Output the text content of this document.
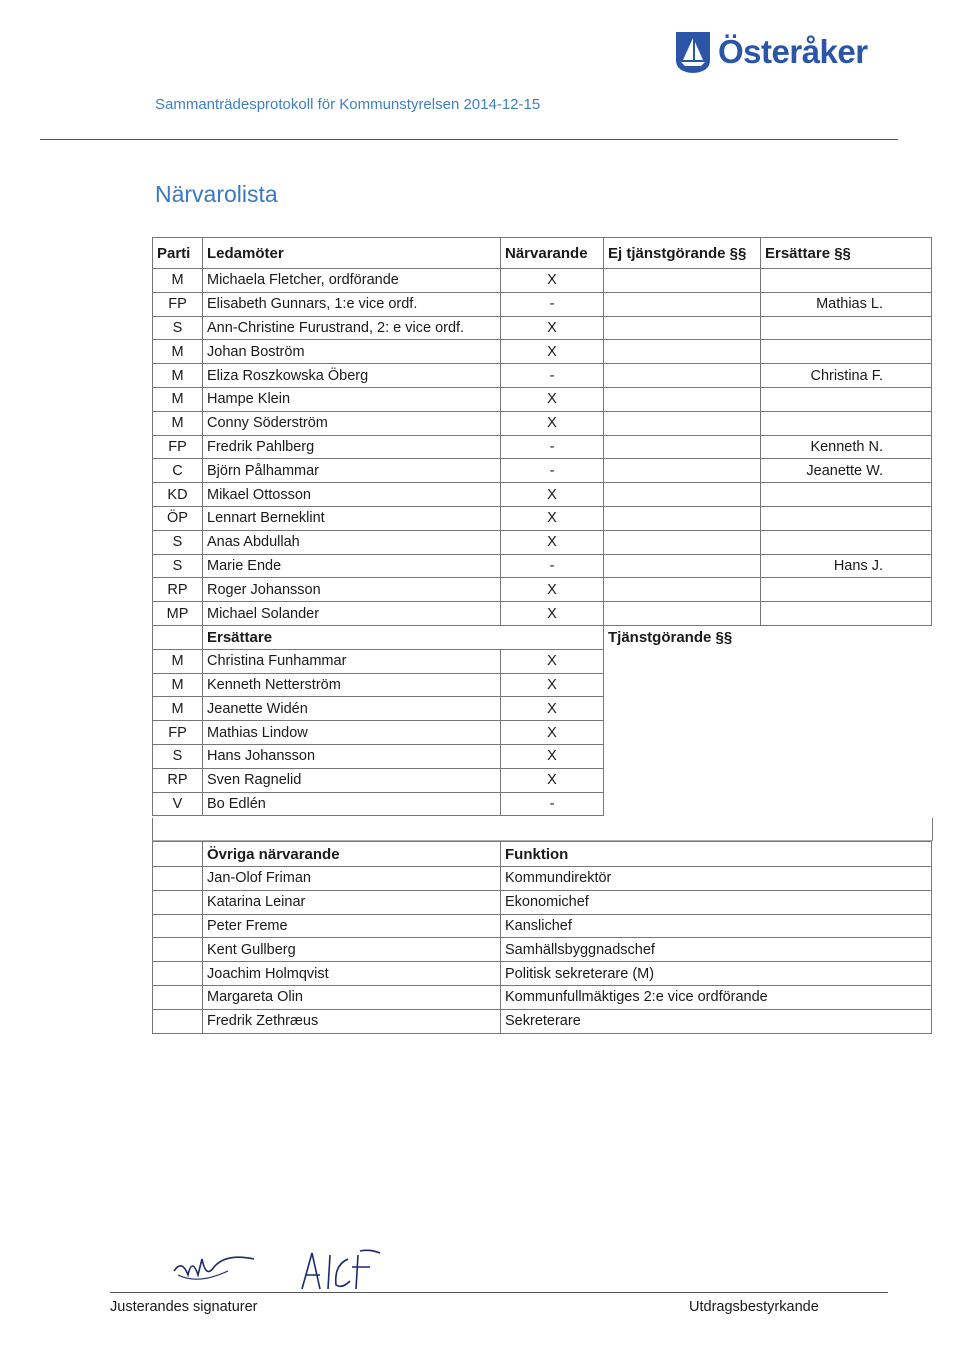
Österåker
Sammanträdesprotokoll för Kommunstyrelsen 2014-12-15
Närvarolista
Parti	Ledamöter	Närvarande	Ej tjänstgörande §§	Ersättare §§
M	Michaela Fletcher, ordförande	X		
FP	Elisabeth Gunnars, 1:e vice ordf.	-		Mathias L.
S	Ann-Christine Furustrand, 2: e vice ordf.	X		
M	Johan Boström	X		
M	Eliza Roszkowska Öberg	-		Christina F.
M	Hampe Klein	X		
M	Conny Söderström	X		
FP	Fredrik Pahlberg	-		Kenneth N.
C	Björn Pålhammar	-		Jeanette W.
KD	Mikael Ottosson	X		
ÖP	Lennart Berneklint	X		
S	Anas Abdullah	X		
S	Marie Ende	-		Hans J.
RP	Roger Johansson	X		
MP	Michael Solander	X		
	Ersättare		Tjänstgörande §§	
M	Christina Funhammar	X		
M	Kenneth Netterström	X		
M	Jeanette Widén	X		
FP	Mathias Lindow	X		
S	Hans Johansson	X		
RP	Sven Ragnelid	X		
V	Bo Edlén	-		
	Övriga närvarande	Funktion
	Jan-Olof Friman	Kommundirektör
	Katarina Leinar	Ekonomichef
	Peter Freme	Kanslichef
	Kent Gullberg	Samhällsbyggnadschef
	Joachim Holmqvist	Politisk sekreterare (M)
	Margareta Olin	Kommunfullmäktiges 2:e vice ordförande
	Fredrik Zethræus	Sekreterare
Justerandes signaturer	Utdragsbestyrkande
